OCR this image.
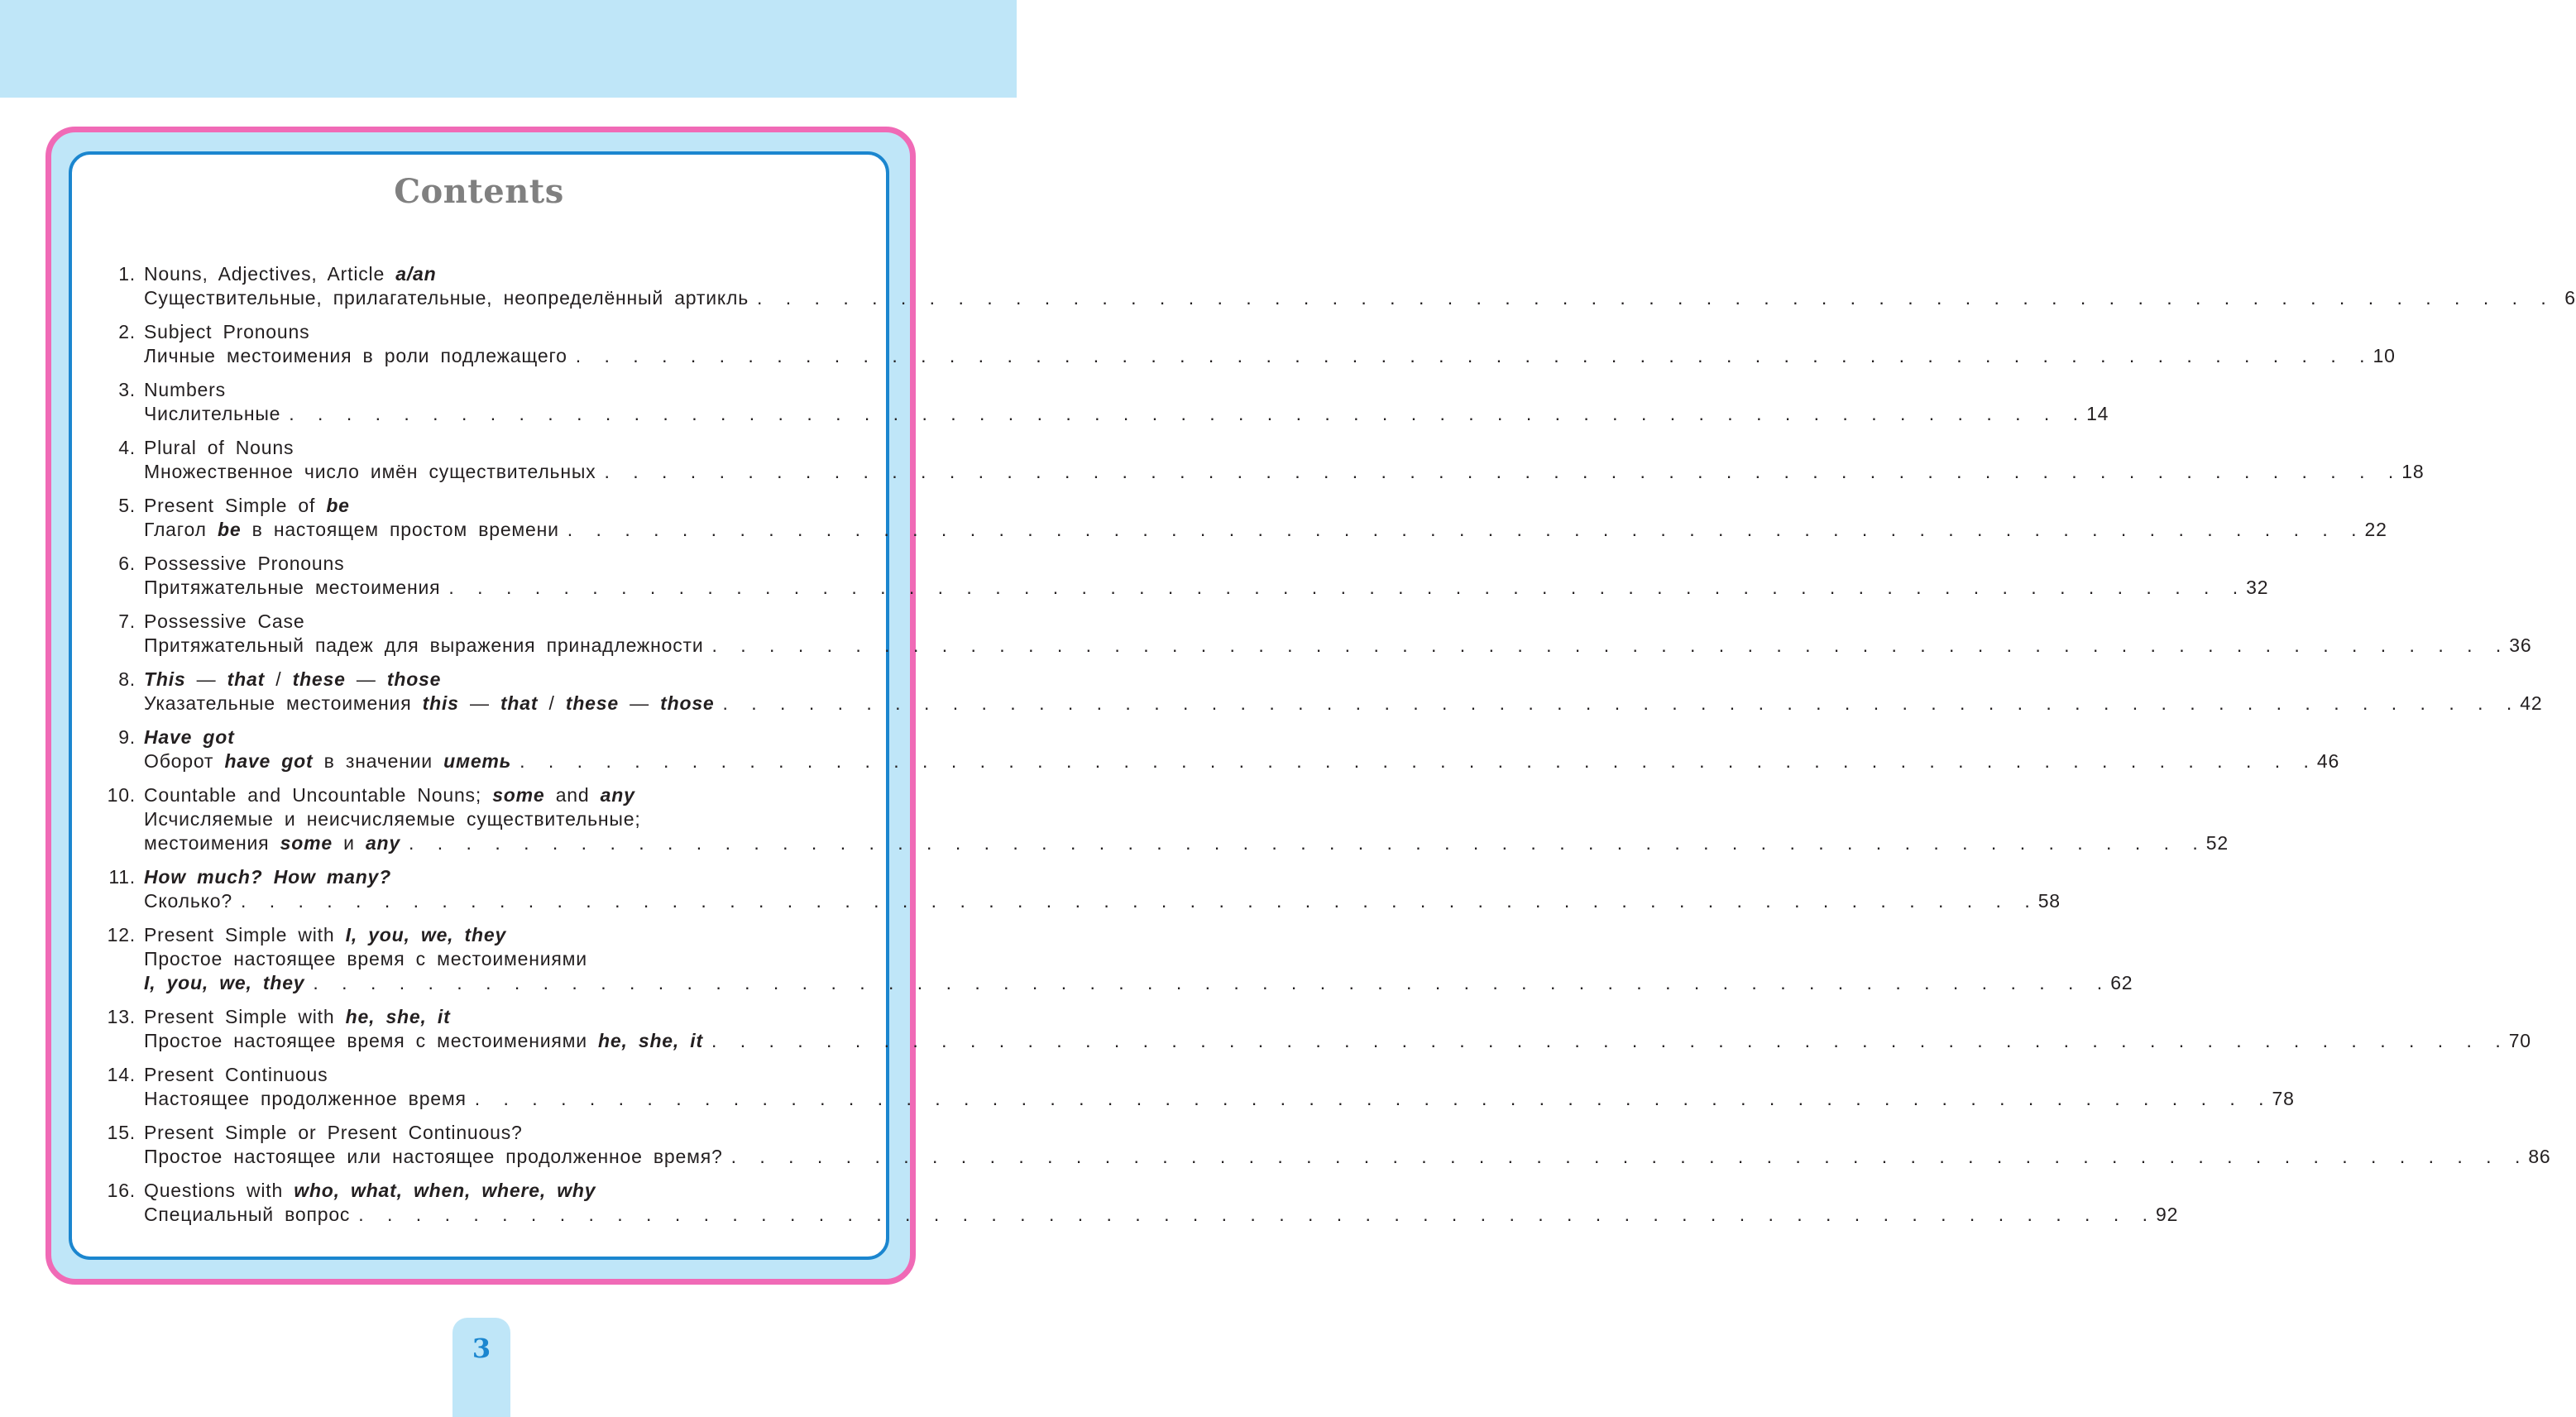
Contents
1. Nouns, Adjectives, Article a/an
Существительные, прилагательные, неопределённый артикль . . . . . . . . . . . . . . . . . . . . . . . . . . . . . . . . . . . . . . . . . . . . . . . . . . . . . . . . . . . . . . . 6
2. Subject Pronouns
Личные местоимения в роли подлежащего . . . . . . . . . . . . . . . . . . . . . . . . . . . . . . . . . . . . . . . . . . . . . . . . . . . . . . . . . . . . . . . 10
3. Numbers
Числительные . . . . . . . . . . . . . . . . . . . . . . . . . . . . . . . . . . . . . . . . . . . . . . . . . . . . . . . . . . . . . . . 14
4. Plural of Nouns
Множественное число имён существительных . . . . . . . . . . . . . . . . . . . . . . . . . . . . . . . . . . . . . . . . . . . . . . . . . . . . . . . . . . . . . . . 18
5. Present Simple of be
Глагол be в настоящем простом времени . . . . . . . . . . . . . . . . . . . . . . . . . . . . . . . . . . . . . . . . . . . . . . . . . . . . . . . . . . . . . . . 22
6. Possessive Pronouns
Притяжательные местоимения . . . . . . . . . . . . . . . . . . . . . . . . . . . . . . . . . . . . . . . . . . . . . . . . . . . . . . . . . . . . . . . 32
7. Possessive Case
Притяжательный падеж для выражения принадлежности . . . . . . . . . . . . . . . . . . . . . . . . . . . . . . . . . . . . . . . . . . . . . . . . . . . . . . . . . . . . . . . 36
8. This — that / these — those
Указательные местоимения this — that / these — those . . . . . . . . . . . . . . . . . . . . . . . . . . . . . . . . . . . . . . . . . . . . . . . . . . . . . . . . . . . . . . . 42
9. Have got
Оборот have got в значении иметь . . . . . . . . . . . . . . . . . . . . . . . . . . . . . . . . . . . . . . . . . . . . . . . . . . . . . . . . . . . . . . . 46
10. Countable and Uncountable Nouns; some and any
Исчисляемые и неисчисляемые существительные;
местоимения some и any . . . . . . . . . . . . . . . . . . . . . . . . . . . . . . . . . . . . . . . . . . . . . . . . . . . . . . . . . . . . . . . 52
11. How much? How many?
Сколько? . . . . . . . . . . . . . . . . . . . . . . . . . . . . . . . . . . . . . . . . . . . . . . . . . . . . . . . . . . . . . . . 58
12. Present Simple with I, you, we, they
Простое настоящее время с местоимениями
I, you, we, they . . . . . . . . . . . . . . . . . . . . . . . . . . . . . . . . . . . . . . . . . . . . . . . . . . . . . . . . . . . . . . . 62
13. Present Simple with he, she, it
Простое настоящее время с местоимениями he, she, it . . . . . . . . . . . . . . . . . . . . . . . . . . . . . . . . . . . . . . . . . . . . . . . . . . . . . . . . . . . . . . . 70
14. Present Continuous
Настоящее продолженное время . . . . . . . . . . . . . . . . . . . . . . . . . . . . . . . . . . . . . . . . . . . . . . . . . . . . . . . . . . . . . . . 78
15. Present Simple or Present Continuous?
Простое настоящее или настоящее продолженное время? . . . . . . . . . . . . . . . . . . . . . . . . . . . . . . . . . . . . . . . . . . . . . . . . . . . . . . . . . . . . . . . 86
16. Questions with who, what, when, where, why
Специальный вопрос . . . . . . . . . . . . . . . . . . . . . . . . . . . . . . . . . . . . . . . . . . . . . . . . . . . . . . . . . . . . . . . 92
3
